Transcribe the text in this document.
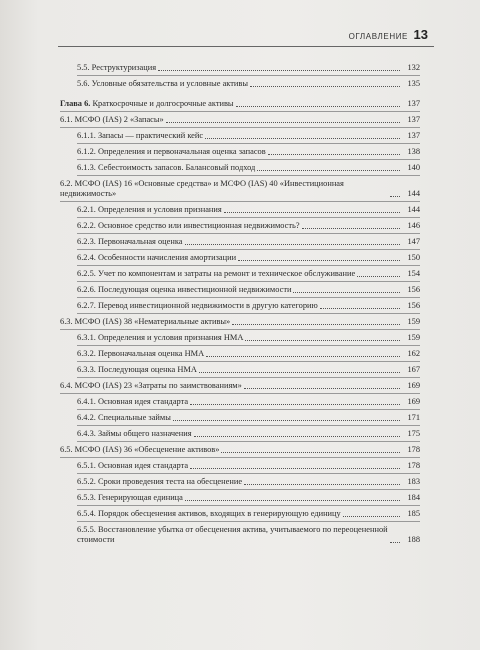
ОГЛАВЛЕНИЕ 13
5.5. Реструктуризация	132
5.6. Условные обязательства и условные активы	135
Глава 6. Краткосрочные и долгосрочные активы	137
6.1. МСФО (IAS) 2 «Запасы»	137
6.1.1. Запасы — практический кейс	137
6.1.2. Определения и первоначальная оценка запасов	138
6.1.3. Себестоимость запасов. Балансовый подход	140
6.2. МСФО (IAS) 16 «Основные средства» и МСФО (IAS) 40 «Инвестиционная недвижимость»	144
6.2.1. Определения и условия признания	144
6.2.2. Основное средство или инвестиционная недвижимость?	146
6.2.3. Первоначальная оценка	147
6.2.4. Особенности начисления амортизации	150
6.2.5. Учет по компонентам и затраты на ремонт и техническое обслуживание	154
6.2.6. Последующая оценка инвестиционной недвижимости	156
6.2.7. Перевод инвестиционной недвижимости в другую категорию	156
6.3. МСФО (IAS) 38 «Нематериальные активы»	159
6.3.1. Определения и условия признания НМА	159
6.3.2. Первоначальная оценка НМА	162
6.3.3. Последующая оценка НМА	167
6.4. МСФО (IAS) 23 «Затраты по заимствованиям»	169
6.4.1. Основная идея стандарта	169
6.4.2. Специальные займы	171
6.4.3. Займы общего назначения	175
6.5. МСФО (IAS) 36 «Обесценение активов»	178
6.5.1. Основная идея стандарта	178
6.5.2. Сроки проведения теста на обесценение	183
6.5.3. Генерирующая единица	184
6.5.4. Порядок обесценения активов, входящих в генерирующую единицу	185
6.5.5. Восстановление убытка от обесценения актива, учитываемого по переоцененной стоимости	188
